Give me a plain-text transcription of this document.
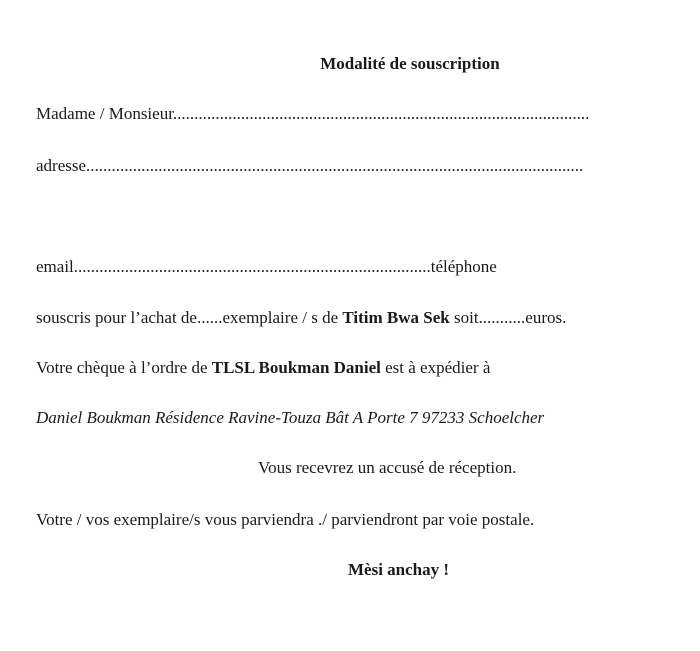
Modalité de souscription
Madame / Monsieur..................................................................................................
adresse.....................................................................................................................
email....................................................................................téléphone
souscris pour l’achat de......exemplaire / s de Titim Bwa Sek soit...........euros.
Votre chèque à l’ordre de TLSL Boukman Daniel est à expédier à
Daniel Boukman Résidence Ravine-Touza Bât A Porte 7 97233 Schoelcher
Vous recevrez un accusé de réception.
Votre / vos exemplaire/s vous parviendra ./ parviendront par voie postale.
Mèsi anchay !
